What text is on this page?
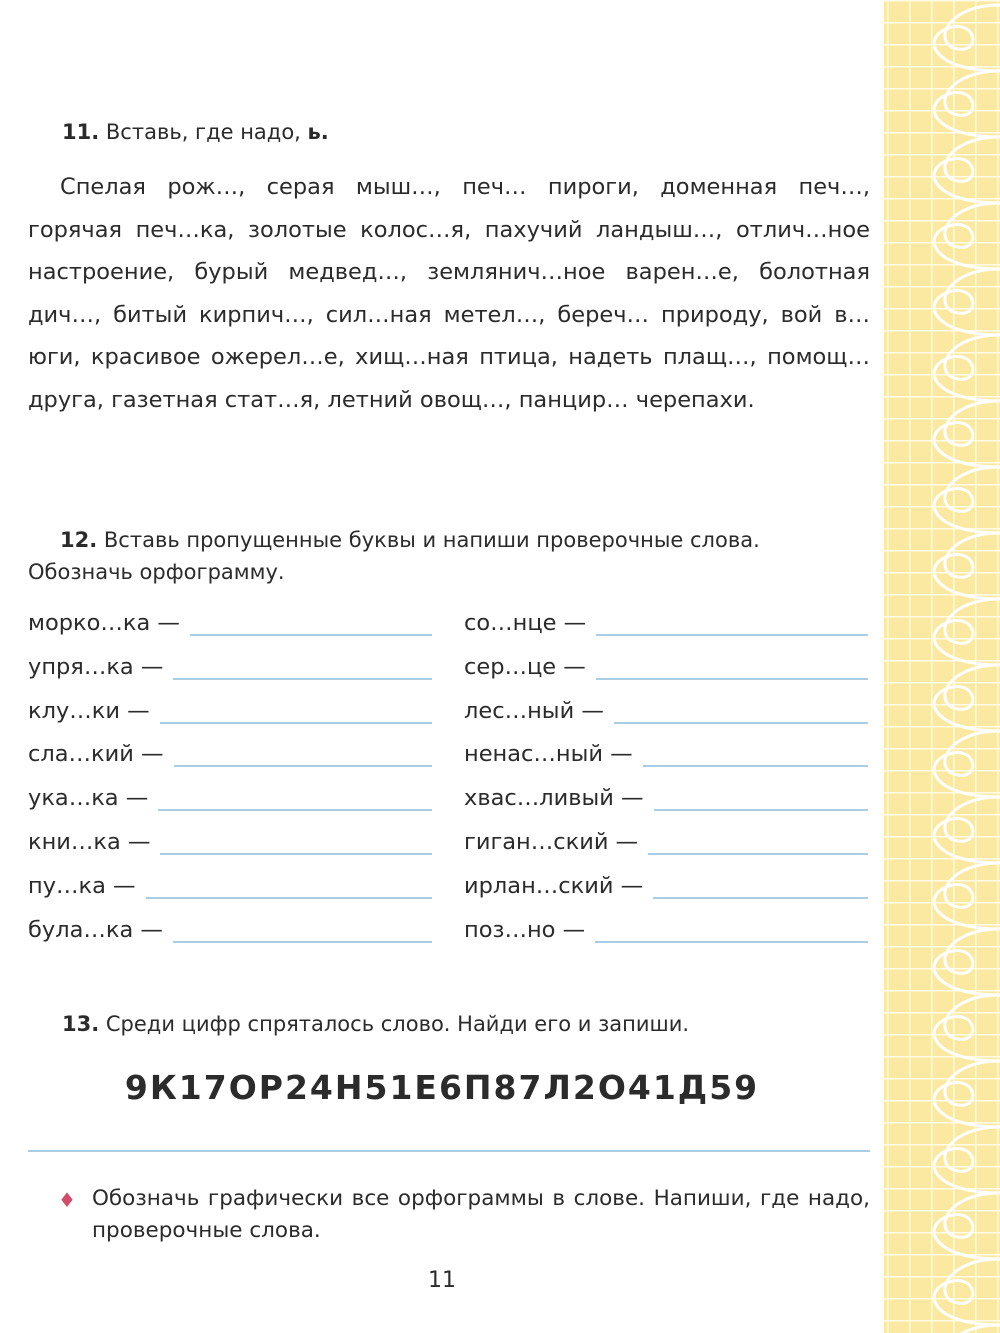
11. Вставь, где надо, ь.

Спелая рож…, серая мыш…, печ… пироги, доменная печ…, горячая печ…ка, золотые колос…я, пахучий ландыш…, отлич…ное настроение, бурый медвед…, землянич…ное варен…е, болотная дич…, битый кирпич…, сил…ная метел…, береч… природу, вой в…юги, красивое ожерел…е, хищ…ная птица, надеть плащ…, помощ… друга, газетная стат…я, летний овощ…, панцир… черепахи.

12. Вставь пропущенные буквы и напиши проверочные слова. Обозначь орфограмму.
морко…ка —
упря…ка —
клу…ки —
сла…кий —
ука…ка —
кни…ка —
пу…ка —
була…ка —
со…нце —
сер…це —
лес…ный —
ненас…ный —
хвас…ливый —
гиган…ский —
ирлан…ский —
поз…но —
13. Среди цифр спряталось слово. Найди его и запиши.
9К17ОР24Н51Е6П87Л2О41Д59
♦ Обозначь графически все орфограммы в слове. Напиши, где надо, проверочные слова.

11
